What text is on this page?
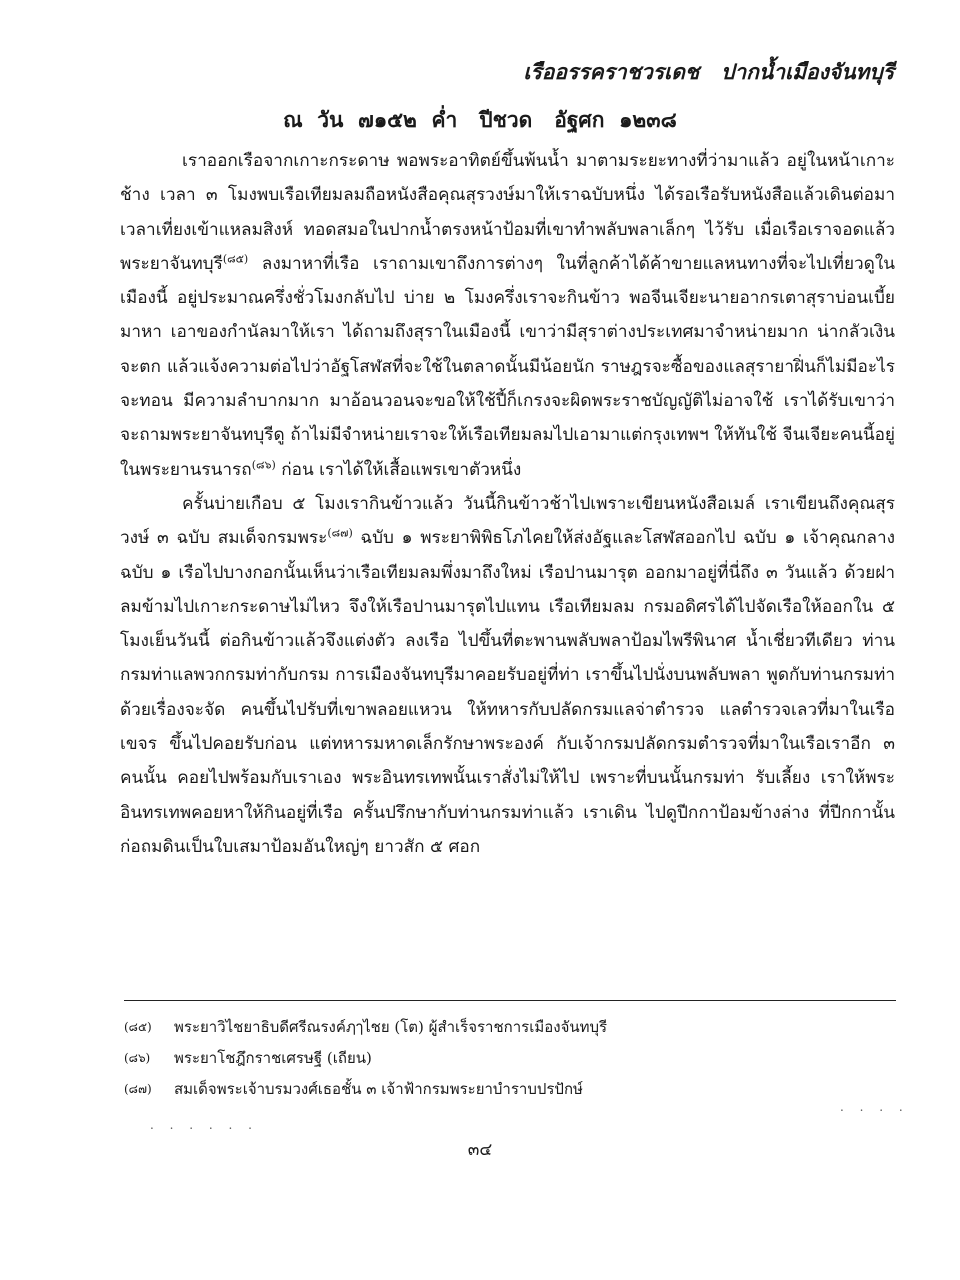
เรืออรรคราชวรเดช   ปากน้ำเมืองจันทบุรี
ณ  วัน  ๗๑๕๒  ค่ำ   ปีชวด   อัฐศก  ๑๒๓๘

เราออกเรือจากเกาะกระดาษ พอพระอาทิตย์ขึ้นพ้นน้ำ มาตามระยะทางที่ว่ามาแล้ว อยู่ในหน้าเกาะช้าง เวลา ๓ โมงพบเรือเทียมลมถือหนังสือคุณสุรวงษ์มาให้เราฉบับหนึ่ง ได้รอเรือรับหนังสือแล้วเดินต่อมา เวลาเที่ยงเข้าแหลมสิงห์ ทอดสมอในปากน้ำตรงหน้าป้อมที่เขาทำพลับพลาเล็กๆ ไว้รับ เมื่อเรือเราจอดแล้วพระยาจันทบุรี$^{(๘๕)}$ ลงมาหาที่เรือ เราถามเขาถึงการต่างๆ ในที่ลูกค้าได้ค้าขายแลหนทางที่จะไปเที่ยวดูในเมืองนี้ อยู่ประมาณครึ่งชั่วโมงกลับไป บ่าย ๒ โมงครึ่งเราจะกินข้าว พอจีนเจียะนายอากรเตาสุราบ่อนเบี้ยมาหา เอาของกำนัลมาให้เรา ได้ถามถึงสุราในเมืองนี้ เขาว่ามีสุราต่างประเทศมาจำหน่ายมาก น่ากลัวเงินจะตก แล้วแจ้งความต่อไปว่าอัฐโสฬสที่จะใช้ในตลาดนั้นมีน้อยนัก ราษฎรจะซื้อของแลสุรายาฝิ่นก็ไม่มีอะไรจะทอน มีความลำบากมาก มาอ้อนวอนจะขอให้ใช้ปี้ก็เกรงจะผิดพระราชบัญญัติไม่อาจใช้ เราได้รับเขาว่าจะถามพระยาจันทบุรีดู ถ้าไม่มีจำหน่ายเราจะให้เรือเทียมลมไปเอามาแต่กรุงเทพฯ ให้ทันใช้ จีนเจียะคนนี้อยู่ในพระยานรนารถ$^{(๘๖)}$ ก่อน เราได้ให้เสื้อแพรเขาตัวหนึ่ง

ครั้นบ่ายเกือบ ๕ โมงเรากินข้าวแล้ว วันนี้กินข้าวช้าไปเพราะเขียนหนังสือเมล์ เราเขียนถึงคุณสุรวงษ์ ๓ ฉบับ สมเด็จกรมพระ$^{(๘๗)}$ ฉบับ ๑ พระยาพิพิธโภไคยให้ส่งอัฐและโสฬสออกไป ฉบับ ๑ เจ้าคุณกลางฉบับ ๑ เรือไปบางกอกนั้นเห็นว่าเรือเทียมลมพึ่งมาถึงใหม่ เรือปานมารุต ออกมาอยู่ที่นี่ถึง ๓ วันแล้ว ด้วยฝาลมข้ามไปเกาะกระดาษไม่ไหว จึงให้เรือปานมารุตไปแทน เรือเทียมลม กรมอดิศรได้ไปจัดเรือให้ออกใน ๕ โมงเย็นวันนี้ ต่อกินข้าวแล้วจึงแต่งตัว ลงเรือ ไปขึ้นที่ตะพานพลับพลาป้อมไพรีพินาศ น้ำเชี่ยวทีเดียว ท่านกรมท่าแลพวกกรมท่ากับกรม การเมืองจันทบุรีมาคอยรับอยู่ที่ท่า เราขึ้นไปนั่งบนพลับพลา พูดกับท่านกรมท่าด้วยเรื่องจะจัด คนขึ้นไปรับที่เขาพลอยแหวน ให้ทหารกับปลัดกรมแลจ่าตำรวจ แลตำรวจเลวที่มาในเรือเขจร ขึ้นไปคอยรับก่อน แต่ทหารมหาดเล็กรักษาพระองค์ กับเจ้ากรมปลัดกรมตำรวจที่มาในเรือเราอีก ๓ คนนั้น คอยไปพร้อมกับเราเอง พระอินทรเทพนั้นเราสั่งไม่ให้ไป เพราะที่บนนั้นกรมท่า รับเลี้ยง เราให้พระอินทรเทพคอยหาให้กินอยู่ที่เรือ ครั้นปรึกษากับท่านกรมท่าแล้ว เราเดิน ไปดูปีกกาป้อมข้างล่าง ที่ปีกกานั้นก่อถมดินเป็นใบเสมาป้อมอันใหญ่ๆ ยาวสัก ๕ ศอก

(๘๕)	พระยาวิไชยาธิบดีศรีณรงค์ฦๅไชย (โต) ผู้สำเร็จราชการเมืองจันทบุรี
(๘๖)	พระยาโชฎึกราชเศรษฐี (เถียน)
(๘๗)	สมเด็จพระเจ้าบรมวงศ์เธอชั้น ๓ เจ้าฟ้ากรมพระยาบำราบปรปักษ์
๓๔
. . . . . .
. . . .
